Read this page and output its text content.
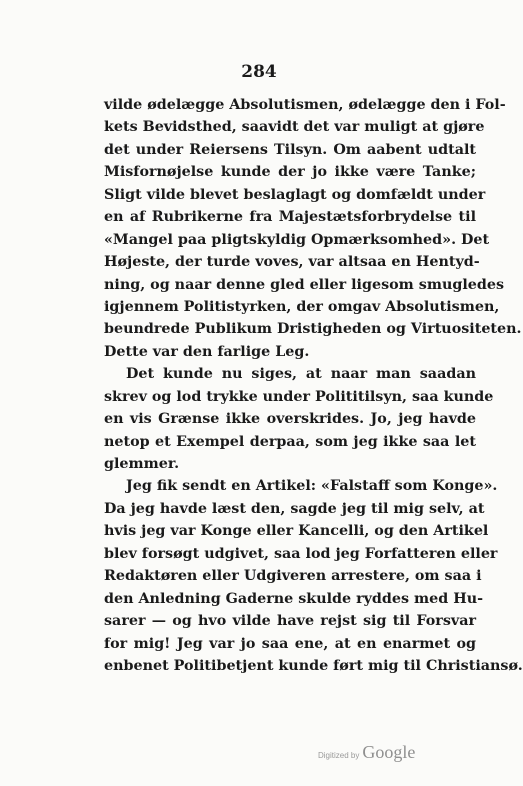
284
vilde ødelægge Absolutismen, ødelægge den i Fol-
kets Bevidsthed, saavidt det var muligt at gjøre
det under Reiersens Tilsyn. Om aabent udtalt
Misfornøjelse kunde der jo ikke være Tanke;
Sligt vilde blevet beslaglagt og domfældt under
en af Rubrikerne fra Majestætsforbrydelse til
«Mangel paa pligtskyldig Opmærksomhed». Det
Højeste, der turde voves, var altsaa en Hentyd-
ning, og naar denne gled eller ligesom smugledes
igjennem Politistyrken, der omgav Absolutismen,
beundrede Publikum Dristigheden og Virtuositeten.
Dette var den farlige Leg.
Det kunde nu siges, at naar man saadan
skrev og lod trykke under Polititilsyn, saa kunde
en vis Grænse ikke overskrides. Jo, jeg havde
netop et Exempel derpaa, som jeg ikke saa let
glemmer.
Jeg fik sendt en Artikel: «Falstaff som Konge».
Da jeg havde læst den, sagde jeg til mig selv, at
hvis jeg var Konge eller Kancelli, og den Artikel
blev forsøgt udgivet, saa lod jeg Forfatteren eller
Redaktøren eller Udgiveren arrestere, om saa i
den Anledning Gaderne skulde ryddes med Hu-
sarer — og hvo vilde have rejst sig til Forsvar
for mig! Jeg var jo saa ene, at en enarmet og
enbenet Politibetjent kunde ført mig til Christiansø.
Digitized by Google
